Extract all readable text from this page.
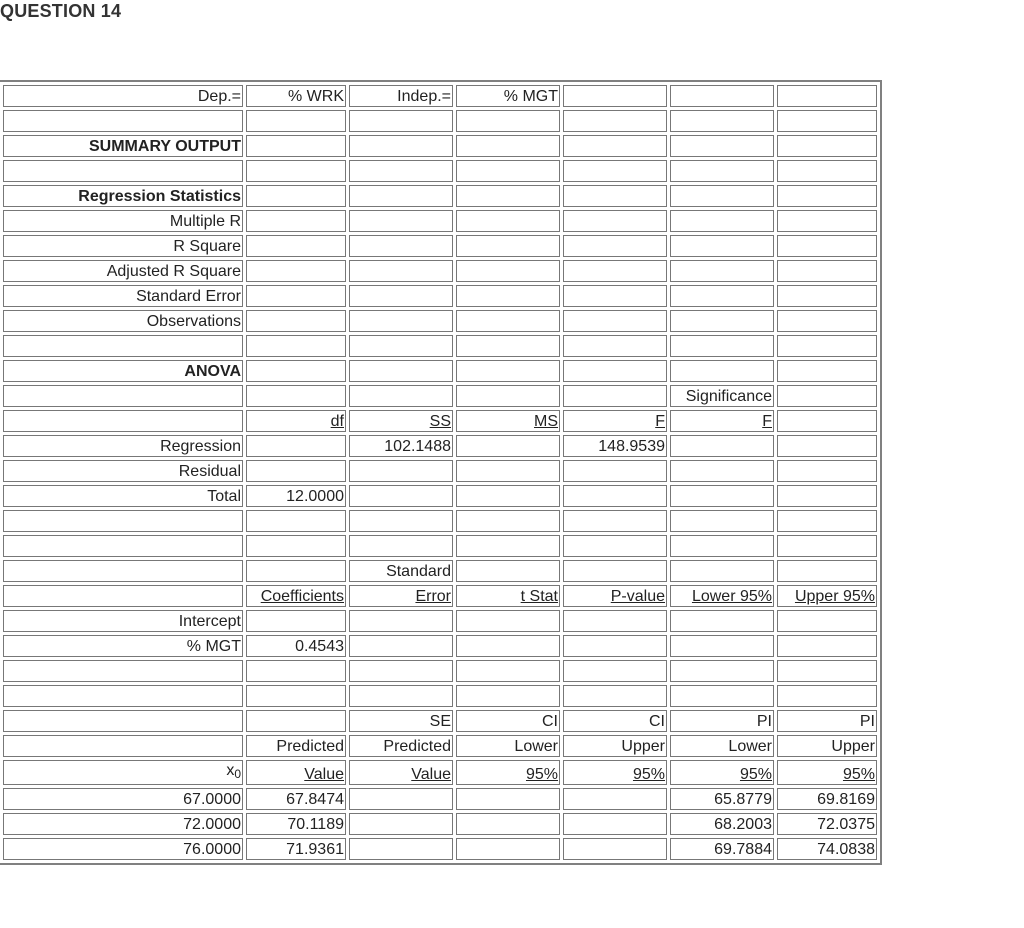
QUESTION 14
Dep.=	% WRK	Indep.=	% MGT			

SUMMARY OUTPUT						

Regression Statistics						
Multiple R						
R Square						
Adjusted R Square						
Standard Error						
Observations						

ANOVA						
					Significance	
	df	SS	MS	F	F	
Regression		102.1488		148.9539		
Residual						
Total	12.0000					

		Standard				
	Coefficients	Error	t Stat	P-value	Lower 95%	Upper 95%
Intercept						
% MGT	0.4543					

		SE	CI	CI	PI	PI
	Predicted	Predicted	Lower	Upper	Lower	Upper
$x_0$	Value	Value	95%	95%	95%	95%
67.0000	67.8474				65.8779	69.8169
72.0000	70.1189				68.2003	72.0375
76.0000	71.9361				69.7884	74.0838
